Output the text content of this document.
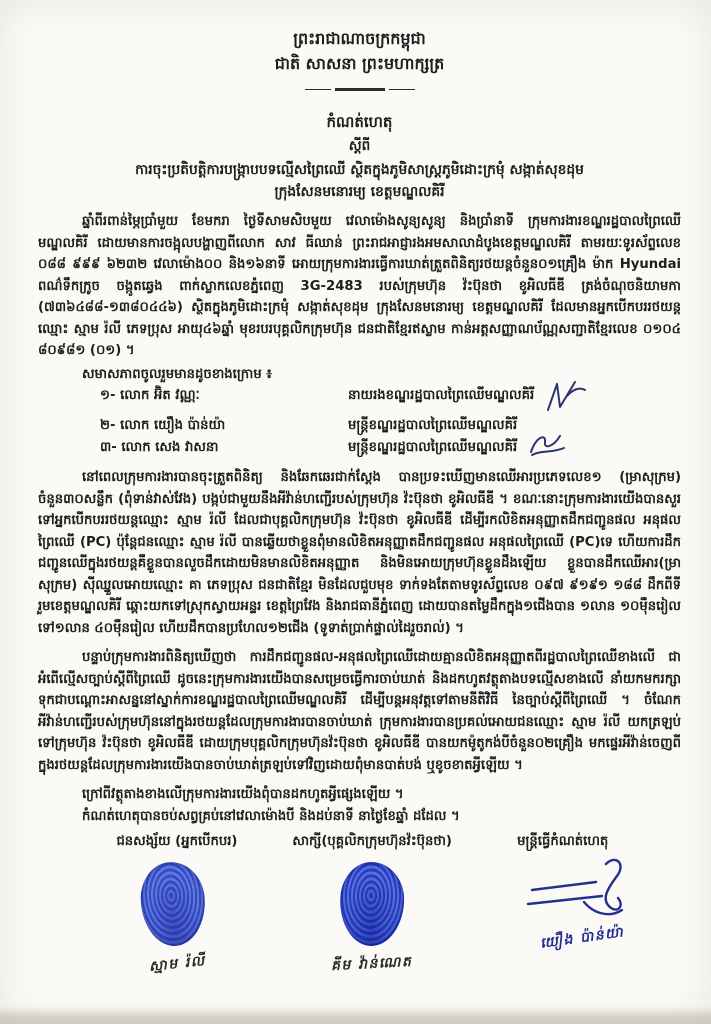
ព្រះរាជាណាចក្រកម្ពុជា
ជាតិ សាសនា ព្រះមហាក្សត្រ
កំណត់ហេតុ
ស្តីពី
ការចុះប្រតិបត្តិការបង្ក្រាបបទល្មើសព្រៃឈើ ស្ថិតក្នុងភូមិសាស្ត្រភូមិដោះក្រមុំ សង្កាត់សុខដុម
ក្រុងសែនមនោរម្យ ខេត្តមណ្ឌលគិរី

ឆ្នាំពីរពាន់ម្ភៃប្រាំមួយ ខែមករា ថ្ងៃទីសាមសិបមួយ វេលាម៉ោងសូន្យសូន្យ និងប្រាំនាទី ក្រុមការងារខណ្ឌរដ្ឋបាលព្រៃឈើមណ្ឌលគិរី ដោយមានការចង្អុលបង្ហាញពីលោក សាវ ធីឈាន់ ព្រះរាជអាជ្ញារងអមសាលាដំបូងខេត្តមណ្ឌលគិរី តាមរយៈទូរស័ព្ទលេខ ០៨៨ ៩៩៩ ៦២៣២ វេលាម៉ោង០០ និង១៦នាទី អោយក្រុមការងារធ្វើការឃាត់ត្រួតពិនិត្យរថយន្តចំនួន០១គ្រឿង ម៉ាក Hyundai ពណ៌ទឹកក្រូច ចង្កូតឆ្វេង ពាក់ស្លាកលេខភ្នំពេញ 3G-2483 របស់ក្រុមហ៊ុន វ៉ះប៊ុនថា ខូអិលធីឌី ត្រង់ចំណុចនិយាមកា (៧៣៦៤៨៨-១៣៨០៤៤៦) ស្ថិតក្នុងភូមិដោះក្រមុំ សង្កាត់សុខដុម ក្រុងសែនមនោរម្យ ខេត្តមណ្ឌលគិរី ដែលមានអ្នកបើកបររថយន្តឈ្មោះ ស្មាម រ៉លី ភេទប្រុស អាយុ៤៦ឆ្នាំ មុខរបរបុគ្គលិកក្រុមហ៊ុន ជនជាតិខ្មែរឥស្លាម កាន់អត្តសញ្ញាណប័ណ្ណសញ្ជាតិខ្មែរលេខ ០១០៤ ៨០៩៨១ (០១) ។

សមាសភាពចូលរួមមានដូចខាងក្រោម ៖
១- លោក អ៊ិត វណ្ណៈ	នាយរងខណ្ឌរដ្ឋបាលព្រៃឈើមណ្ឌលគិរី
២- លោក យឿង ប៉ាន់យ៉ា	មន្ត្រីខណ្ឌរដ្ឋបាលព្រៃឈើមណ្ឌលគិរី
៣- លោក សេង វាសនា	មន្ត្រីខណ្ឌរដ្ឋបាលព្រៃឈើមណ្ឌលគិរី

នៅពេលក្រុមការងារបានចុះត្រួតពិនិត្យ និងឆែកឆេរជាក់ស្តែង បានប្រទះឃើញមានឈើអារប្រភេទលេខ១ (ម្រាសុក្រម) ចំនួន៣០សន្លឹក (ពុំទាន់វាស់វែង) បង្កប់ជាមួយនឹងអីវ៉ាន់ហញ្ជើរបស់ក្រុមហ៊ុន វ៉ះប៊ុនថា ខូអិលធីឌី ។ ខណៈនោះក្រុមការងារយើងបានសួរទៅអ្នកបើកបររថយន្តឈ្មោះ ស្មាម រ៉លី ដែលជាបុគ្គលិកក្រុមហ៊ុន វ៉ះប៊ុនថា ខូអិលធីឌី ដើម្បីរកលិខិតអនុញ្ញាតដឹកជញ្ជូនផល អនុផលព្រៃឈើ (PC) ប៉ុន្តែជនឈ្មោះ ស្មាម រ៉លី បានឆ្លើយថាខ្លួនពុំមានលិខិតអនុញ្ញាតដឹកជញ្ជូនផល អនុផលព្រៃឈើ (PC)ទេ ហើយការដឹកជញ្ជូនឈើក្នុងរថយន្តគឺខ្លួនបានលួចដឹកដោយមិនមានលិខិតអនុញ្ញាត និងមិនអោយក្រុមហ៊ុនខ្លួនដឹងឡើយ ខ្លួនបានដឹកឈើអារ(ម្រាសុក្រម) ស៊ីឈ្នួលអោយឈ្មោះ គា ភេទប្រុស ជនជាតិខ្មែរ មិនដែលជួបមុខ ទាក់ទងតែតាមទូរស័ព្ទលេខ ០៩៧ ៩១៩១ ១៨៨ ដឹកពីទីរួមខេត្តមណ្ឌលគិរី ឆ្ពោះយកទៅស្រុកស្វាយអន្ទរ ខេត្តព្រៃវែង និងរាជធានីភ្នំពេញ ដោយបានតម្លៃដឹកក្នុង១ជើងបាន ១លាន ១០ម៉ឺនរៀល ទៅ១លាន ៤០ម៉ឺនរៀល ហើយដឹកបានប្រហែល១២ជើង (ទូទាត់ប្រាក់ផ្ទាល់ដៃរួចរាល់) ។

បន្ទាប់ក្រុមការងារពិនិត្យឃើញថា ការដឹកជញ្ជូនផល-អនុផលព្រៃឈើដោយគ្មានលិខិតអនុញ្ញាតពីរដ្ឋបាលព្រៃឈើខាងលើ ជាអំពើល្មើសច្បាប់ស្តីពីព្រៃឈើ ដូចនេះក្រុមការងារយើងបានសម្រេចធ្វើការចាប់ឃាត់ និងដកហូតវត្ថុតាងបទល្មើសខាងលើ នាំយកមករក្សាទុកជាបណ្តោះអាសន្ននៅស្នាក់ការខណ្ឌរដ្ឋបាលព្រៃឈើមណ្ឌលគិរី ដើម្បីបន្តអនុវត្តទៅតាមនីតិវិធី នៃច្បាប់ស្តីពីព្រៃឈើ ។ ចំណែកអីវ៉ាន់ហញ្ជើរបស់ក្រុមហ៊ុននៅក្នុងរថយន្តដែលក្រុមការងារបានចាប់ឃាត់ ក្រុមការងារបានប្រគល់អោយជនឈ្មោះ ស្មាម រ៉លី យកត្រឡប់ទៅក្រុមហ៊ុន វ៉ះប៊ុនថា ខូអិលធីឌី ដោយក្រុមបុគ្គលិកក្រុមហ៊ុនវ៉ះប៊ុនថា ខូអិលធីឌី បានយកម៉ូតូកង់បីចំនួន០២គ្រឿង មកផ្ទេរអីវ៉ាន់ចេញពីក្នុងរថយន្តដែលក្រុមការងារយើងបានចាប់ឃាត់ត្រឡប់ទៅវិញដោយពុំមានបាត់បង់ ឬខូចខាតអ្វីឡើយ ។

ក្រៅពីវត្ថុតាងខាងលើក្រុមការងារយើងពុំបានដកហូតអ្វីផ្សេងឡើយ ។

កំណត់ហេតុបានចប់សព្វគ្រប់នៅវេលាម៉ោងបី និងដប់នាទី នាថ្ងៃខែឆ្នាំ ដដែល ។

ជនសង្ស័យ (អ្នកបើកបរ)
ស្មាម រ៉លី
សាក្សី(បុគ្គលិកក្រុមហ៊ុនវ៉ះប៊ុនថា)
គីម វ៉ាន់ណេត
មន្ត្រីធ្វើកំណត់ហេតុ
យឿង ប៉ាន់យ៉ា
